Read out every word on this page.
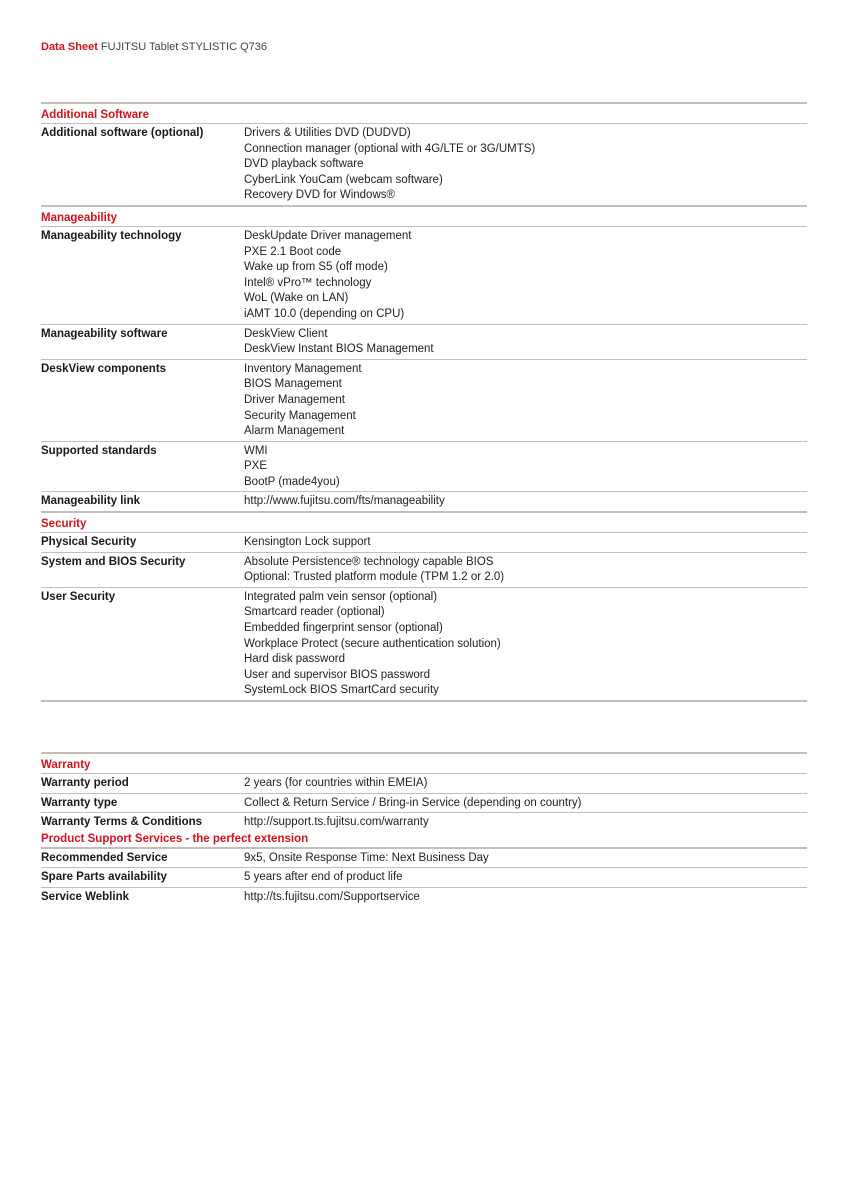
Data Sheet FUJITSU Tablet STYLISTIC Q736
Additional Software
Additional software (optional)	Drivers & Utilities DVD (DUDVD)
Connection manager (optional with 4G/LTE or 3G/UMTS)
DVD playback software
CyberLink YouCam (webcam software)
Recovery DVD for Windows®
Manageability
Manageability technology	DeskUpdate Driver management
PXE 2.1 Boot code
Wake up from S5 (off mode)
Intel® vPro™ technology
WoL (Wake on LAN)
iAMT 10.0 (depending on CPU)
Manageability software	DeskView Client
DeskView Instant BIOS Management
DeskView components	Inventory Management
BIOS Management
Driver Management
Security Management
Alarm Management
Supported standards	WMI
PXE
BootP (made4you)
Manageability link	http://www.fujitsu.com/fts/manageability
Security
Physical Security	Kensington Lock support
System and BIOS Security	Absolute Persistence® technology capable BIOS
Optional: Trusted platform module (TPM 1.2 or 2.0)
User Security	Integrated palm vein sensor (optional)
Smartcard reader (optional)
Embedded fingerprint sensor (optional)
Workplace Protect (secure authentication solution)
Hard disk password
User and supervisor BIOS password
SystemLock BIOS SmartCard security
Warranty
Warranty period	2 years (for countries within EMEIA)
Warranty type	Collect & Return Service / Bring-in Service (depending on country)
Warranty Terms & Conditions	http://support.ts.fujitsu.com/warranty
Product Support Services - the perfect extension
Recommended Service	9x5, Onsite Response Time: Next Business Day
Spare Parts availability	5 years after end of product life
Service Weblink	http://ts.fujitsu.com/Supportservice
